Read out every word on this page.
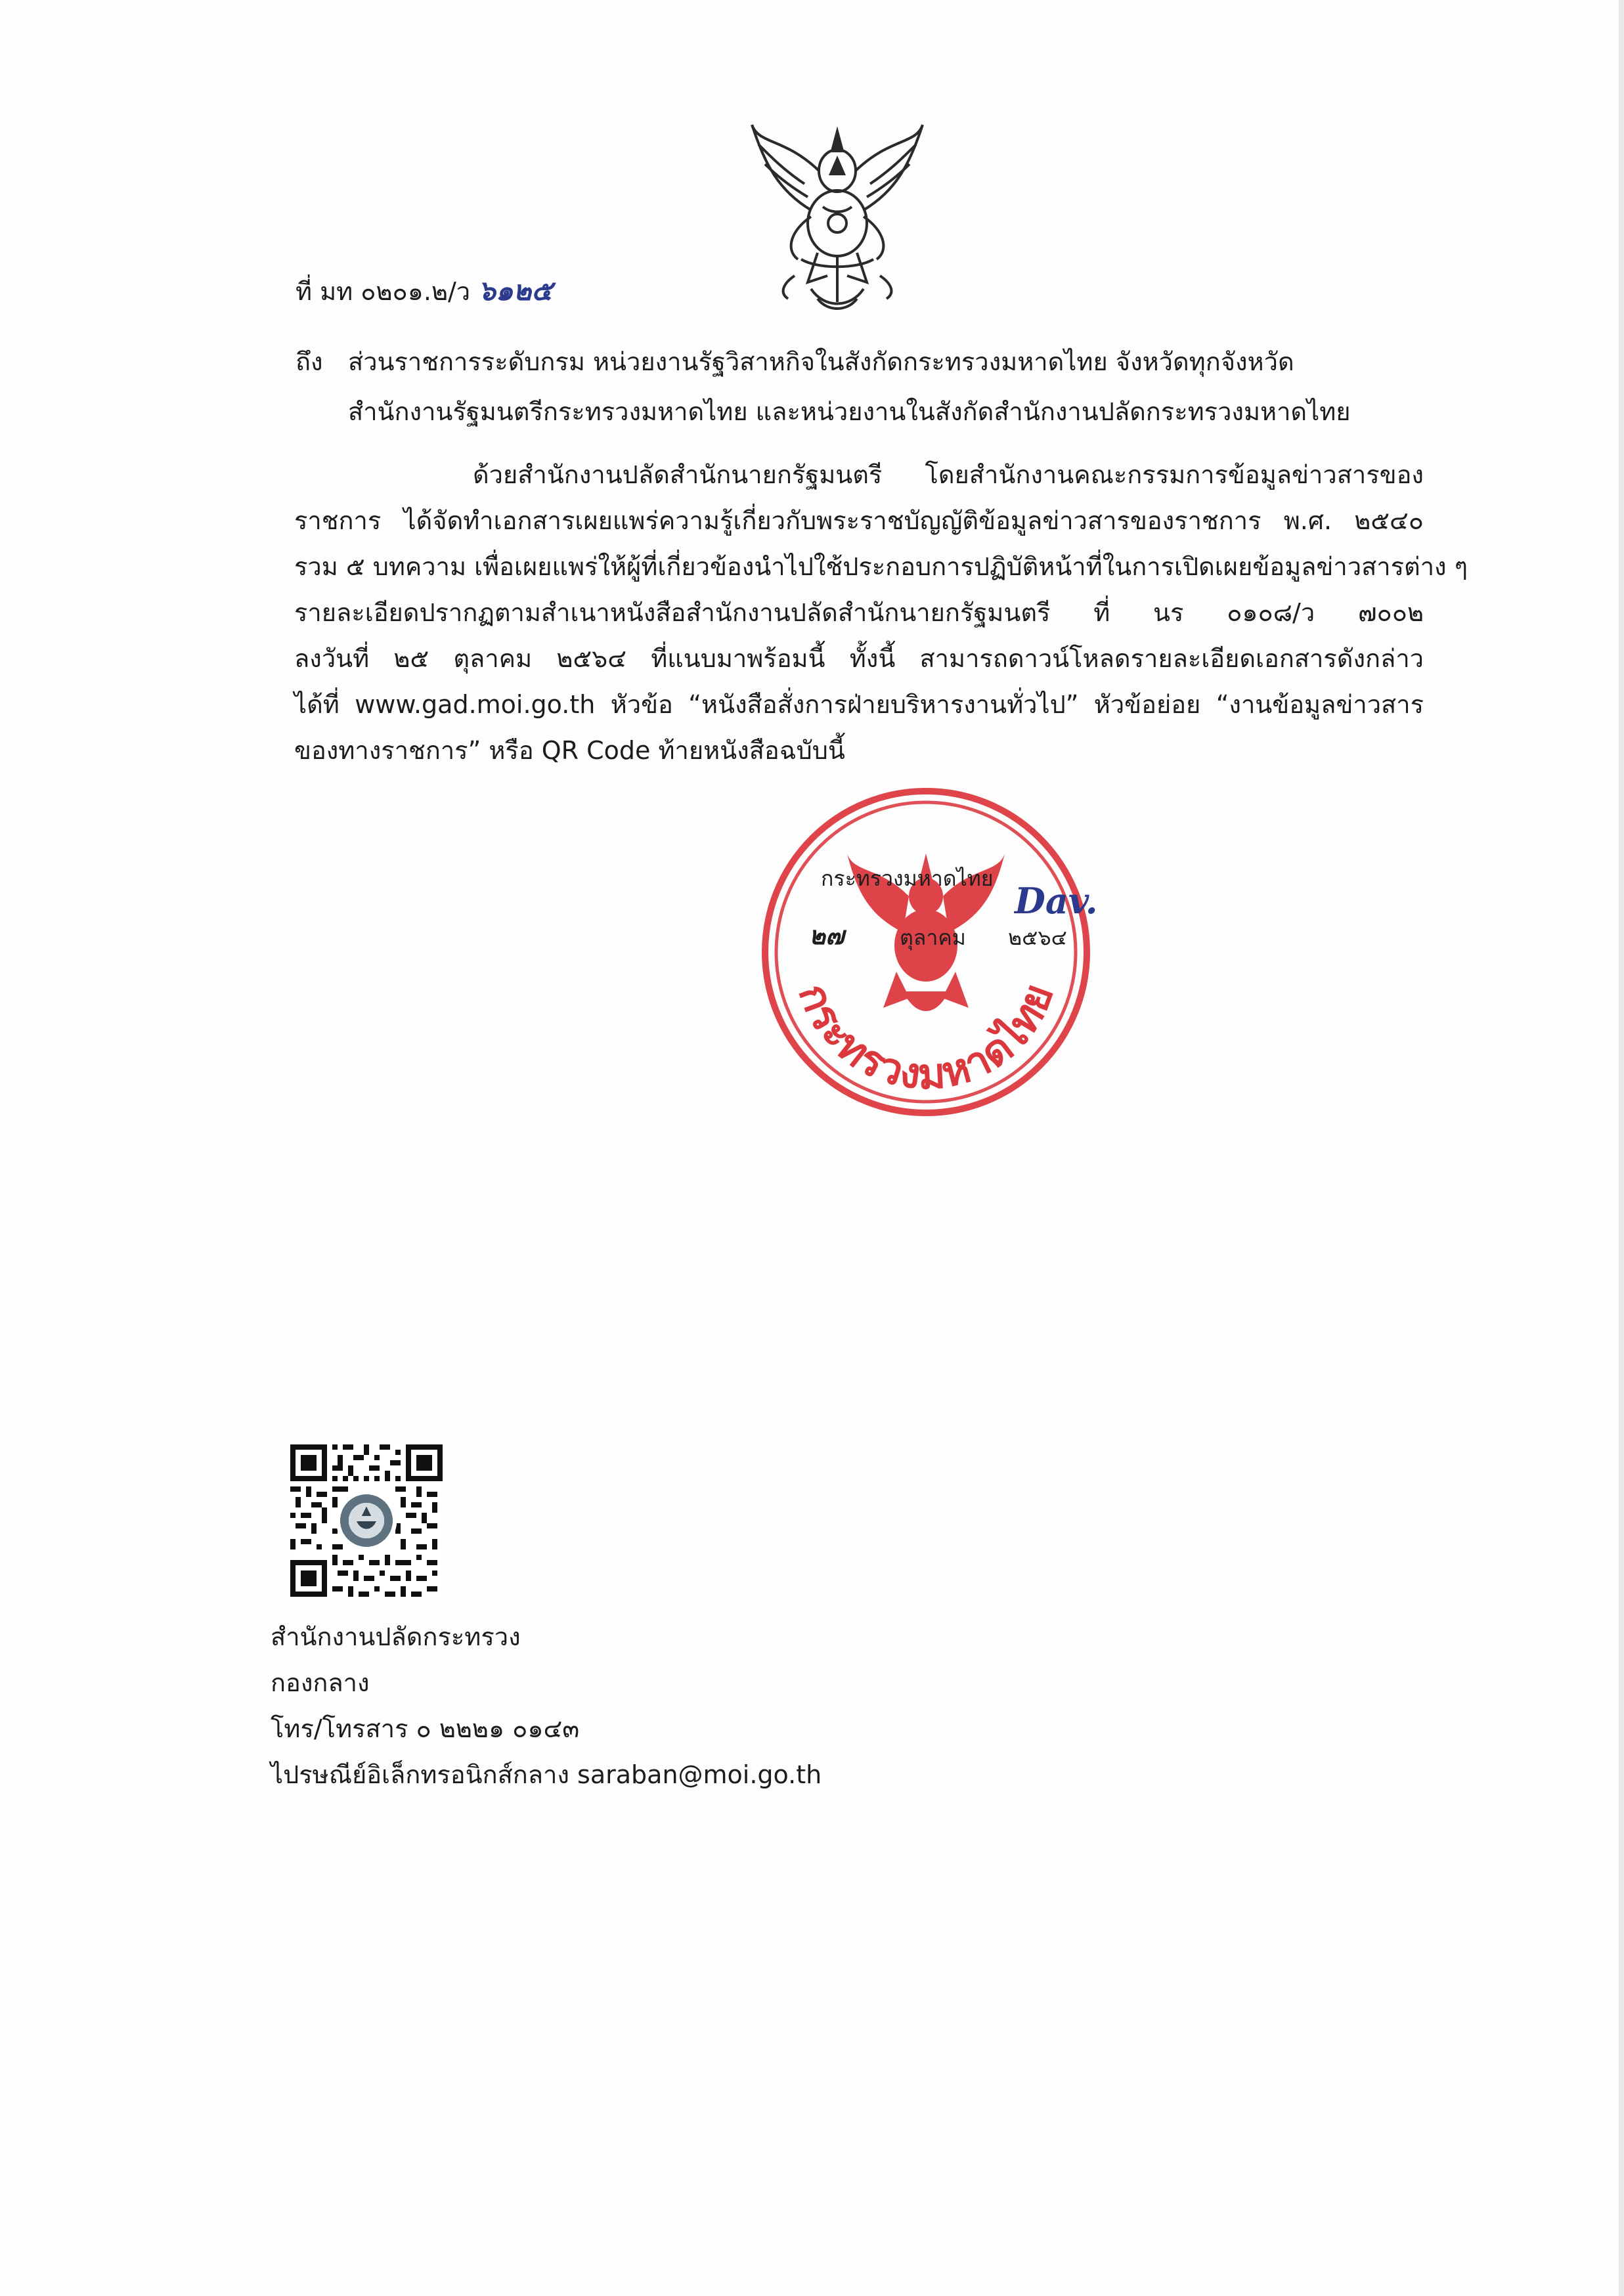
ที่ มท ๐๒๐๑.๒/ว ๖๑๒๕
ถึง ส่วนราชการระดับกรม หน่วยงานรัฐวิสาหกิจในสังกัดกระทรวงมหาดไทย จังหวัดทุกจังหวัด
สำนักงานรัฐมนตรีกระทรวงมหาดไทย และหน่วยงานในสังกัดสำนักงานปลัดกระทรวงมหาดไทย
ด้วยสำนักงานปลัดสำนักนายกรัฐมนตรี โดยสำนักงานคณะกรรมการข้อมูลข่าวสารของ
ราชการ ได้จัดทำเอกสารเผยแพร่ความรู้เกี่ยวกับพระราชบัญญัติข้อมูลข่าวสารของราชการ พ.ศ. ๒๕๔๐
รวม ๕ บทความ เพื่อเผยแพร่ให้ผู้ที่เกี่ยวข้องนำไปใช้ประกอบการปฏิบัติหน้าที่ในการเปิดเผยข้อมูลข่าวสารต่าง ๆ
รายละเอียดปรากฏตามสำเนาหนังสือสำนักงานปลัดสำนักนายกรัฐมนตรี ที่ นร ๐๑๐๘/ว ๗๐๐๒
ลงวันที่ ๒๕ ตุลาคม ๒๕๖๔ ที่แนบมาพร้อมนี้ ทั้งนี้ สามารถดาวน์โหลดรายละเอียดเอกสารดังกล่าว
ได้ที่ www.gad.moi.go.th หัวข้อ “หนังสือสั่งการฝ่ายบริหารงานทั่วไป” หัวข้อย่อย “งานข้อมูลข่าวสาร
ของทางราชการ” หรือ QR Code ท้ายหนังสือฉบับนี้
กระทรวงมหาดไทย
กระทรวงมหาดไทย
๒๗	ตุลาคม ๒๕๖๔
Dav.
สำนักงานปลัดกระทรวง
กองกลาง
โทร/โทรสาร ๐ ๒๒๒๑ ๐๑๔๓
ไปรษณีย์อิเล็กทรอนิกส์กลาง saraban@moi.go.th
